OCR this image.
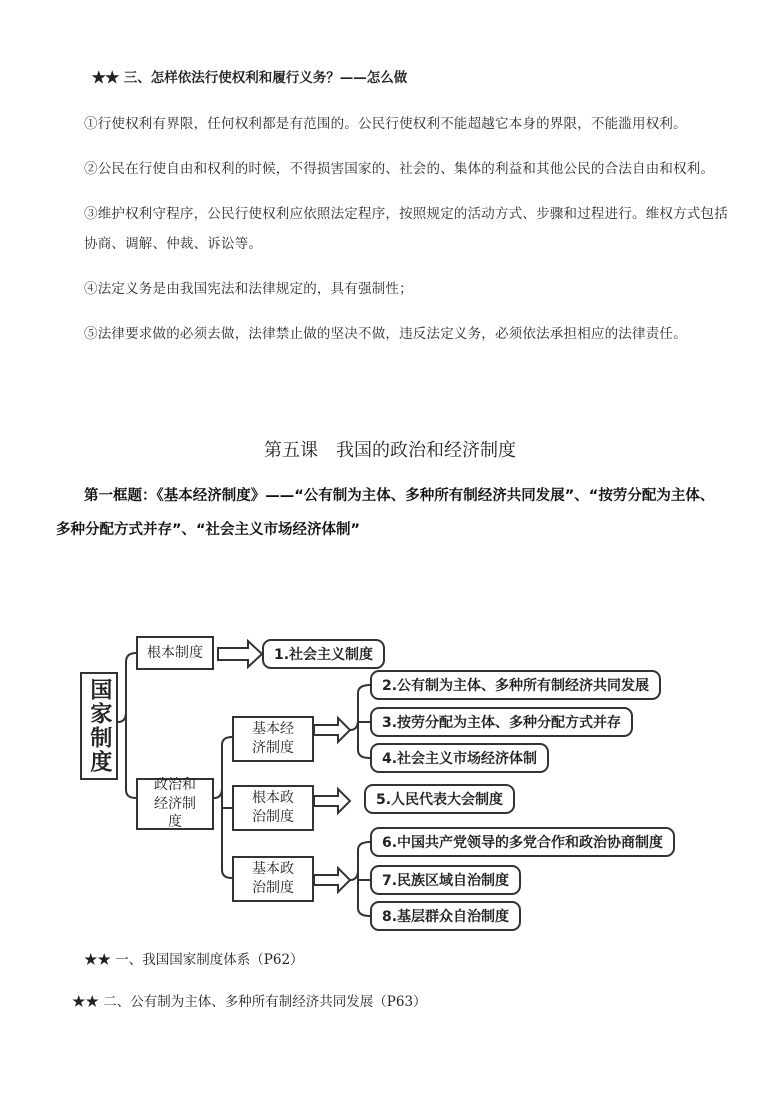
★★ 三、怎样依法行使权利和履行义务？——怎么做
①行使权利有界限，任何权利都是有范围的。公民行使权利不能超越它本身的界限，不能滥用权利。
②公民在行使自由和权利的时候，不得损害国家的、社会的、集体的利益和其他公民的合法自由和权利。
③维护权利守程序，公民行使权利应依照法定程序，按照规定的活动方式、步骤和过程进行。维权方式包括
协商、调解、仲裁、诉讼等。
④法定义务是由我国宪法和法律规定的，具有强制性；
⑤法律要求做的必须去做，法律禁止做的坚决不做，违反法定义务，必须依法承担相应的法律责任。
第五课　我国的政治和经济制度
第一框题：《基本经济制度》——“公有制为主体、多种所有制经济共同发展”、“按劳分配为主体、
多种分配方式并存”、“社会主义市场经济体制”
国家制度
根本制度
政治和经济制度
基本经济制度
根本政治制度
基本政治制度
1.社会主义制度
2.公有制为主体、多种所有制经济共同发展
3.按劳分配为主体、多种分配方式并存
4.社会主义市场经济体制
5.人民代表大会制度
6.中国共产党领导的多党合作和政治协商制度
7.民族区域自治制度
8.基层群众自治制度
★★ 一、我国国家制度体系（P62）
★★ 二、公有制为主体、多种所有制经济共同发展（P63）
